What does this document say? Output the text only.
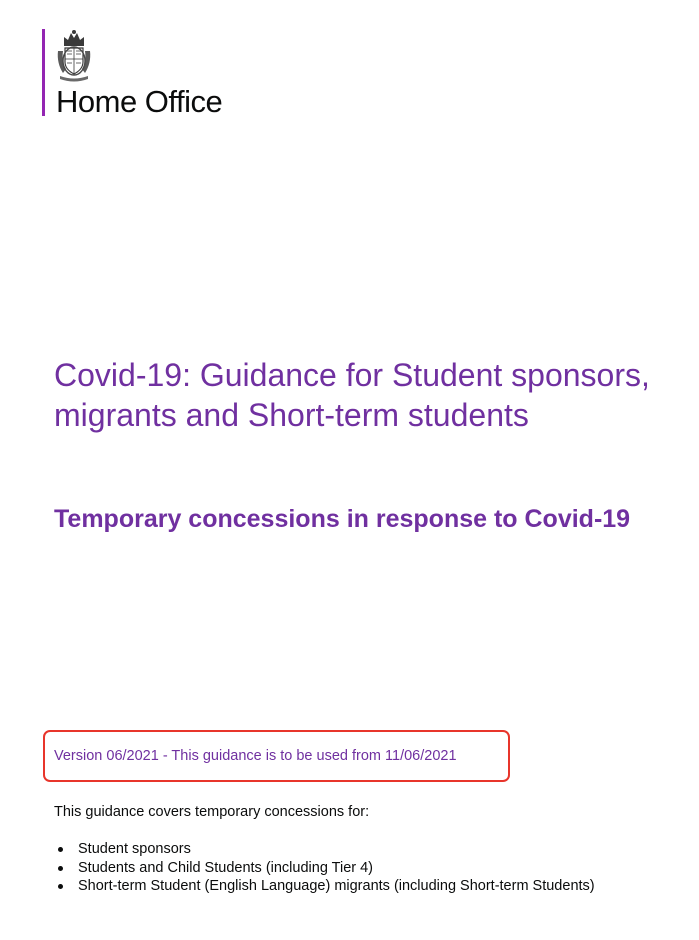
Home Office
Covid-19: Guidance for Student sponsors, migrants and Short-term students
Temporary concessions in response to Covid-19
Version 06/2021 - This guidance is to be used from 11/06/2021
This guidance covers temporary concessions for:
Student sponsors
Students and Child Students (including Tier 4)
Short-term Student (English Language) migrants (including Short-term Students)
